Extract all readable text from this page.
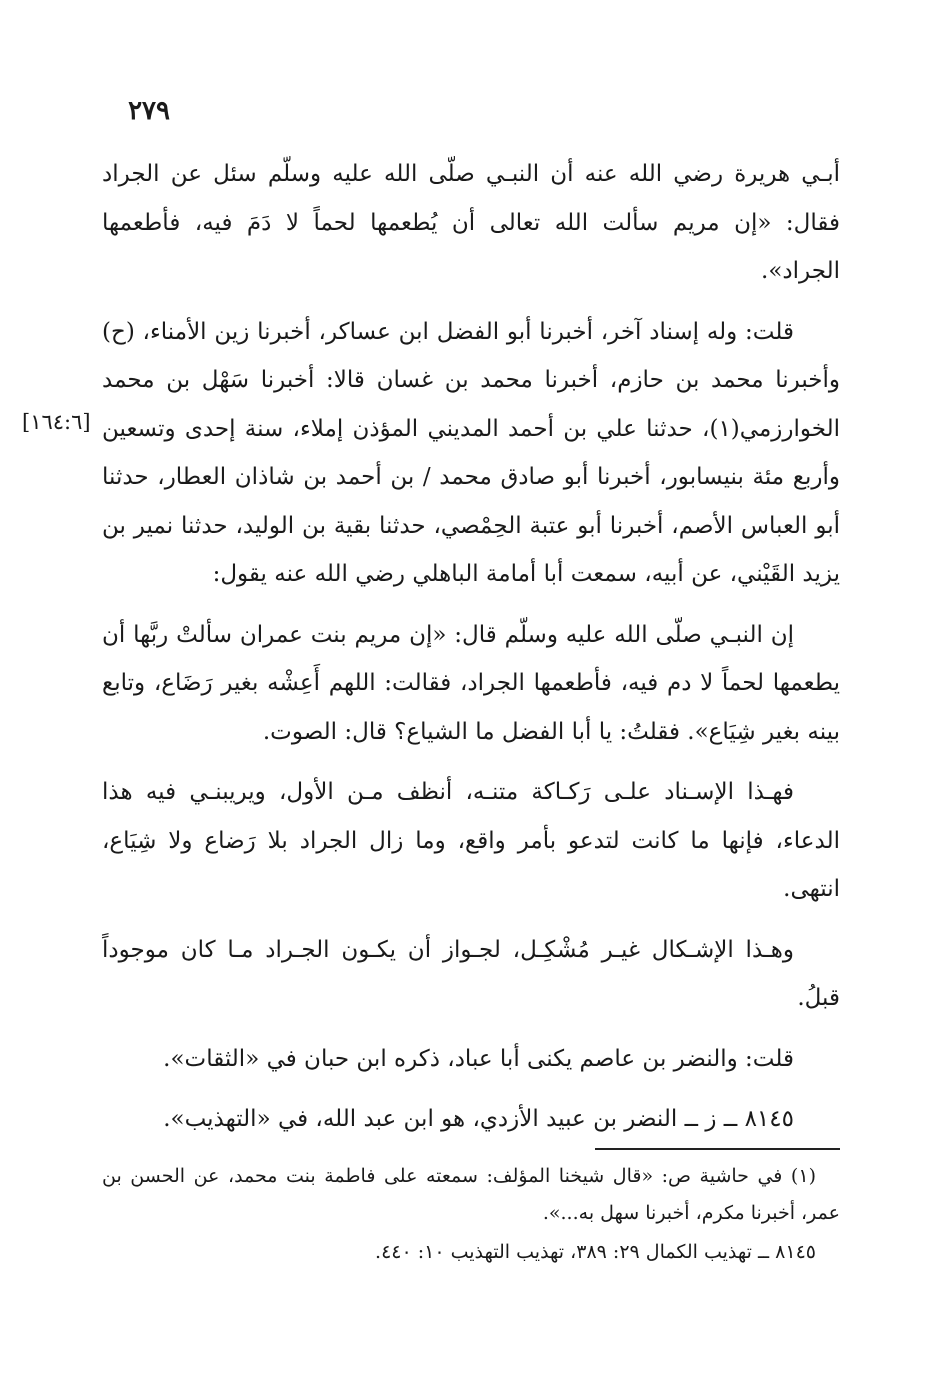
٢٧٩
[١٦٤:٦]

أبـي هريرة رضي الله عنه أن النبـي صلّى الله عليه وسلّم سئل عن الجراد فقال: «إن مريم سألت الله تعالى أن يُطعمها لحماً لا دَمَ فيه، فأطعمها الجراد».

قلت: وله إسناد آخر، أخبرنا أبو الفضل ابن عساكر، أخبرنا زين الأمناء، (ح) وأخبرنا محمد بن حازم، أخبرنا محمد بن غسان قالا: أخبرنا سَهْل بن محمد الخوارزمي(١)، حدثنا علي بن أحمد المديني المؤذن إملاء، سنة إحدى وتسعين وأربع مئة بنيسابور، أخبرنا أبو صادق محمد / بن أحمد بن شاذان العطار، حدثنا أبو العباس الأصم، أخبرنا أبو عتبة الحِمْصي، حدثنا بقية بن الوليد، حدثنا نمير بن يزيد القَيْني، عن أبيه، سمعت أبا أمامة الباهلي رضي الله عنه يقول:

إن النبـي صلّى الله عليه وسلّم قال: «إن مريم بنت عمران سألتْ ربَّها أن يطعمها لحماً لا دم فيه، فأطعمها الجراد، فقالت: اللهم أَعِشْه بغير رَضَاع، وتابع بينه بغير شِيَاع». فقلتُ: يا أبا الفضل ما الشياع؟ قال: الصوت.

فهـذا الإسـناد علـى رَكـاكة متنـه، أنظف مـن الأول، ويريبنـي فيه هذا الدعاء، فإنها ما كانت لتدعو بأمر واقع، وما زال الجراد بلا رَضاع ولا شِيَاع، انتهى.

وهـذا الإشـكال غيـر مُشْكِـل، لجـواز أن يكـون الجـراد مـا كان موجوداً قبلُ.

قلت: والنضر بن عاصم يكنى أبا عباد، ذكره ابن حبان في «الثقات».

٨١٤٥ ــ ز ــ النضر بن عبيد الأزدي، هو ابن عبد الله، في «التهذيب».

(١) في حاشية ص: «قال شيخنا المؤلف: سمعته على فاطمة بنت محمد، عن الحسن بن عمر، أخبرنا مكرم، أخبرنا سهل به...».

٨١٤٥ ــ تهذيب الكمال ٢٩: ٣٨٩، تهذيب التهذيب ١٠: ٤٤٠.
